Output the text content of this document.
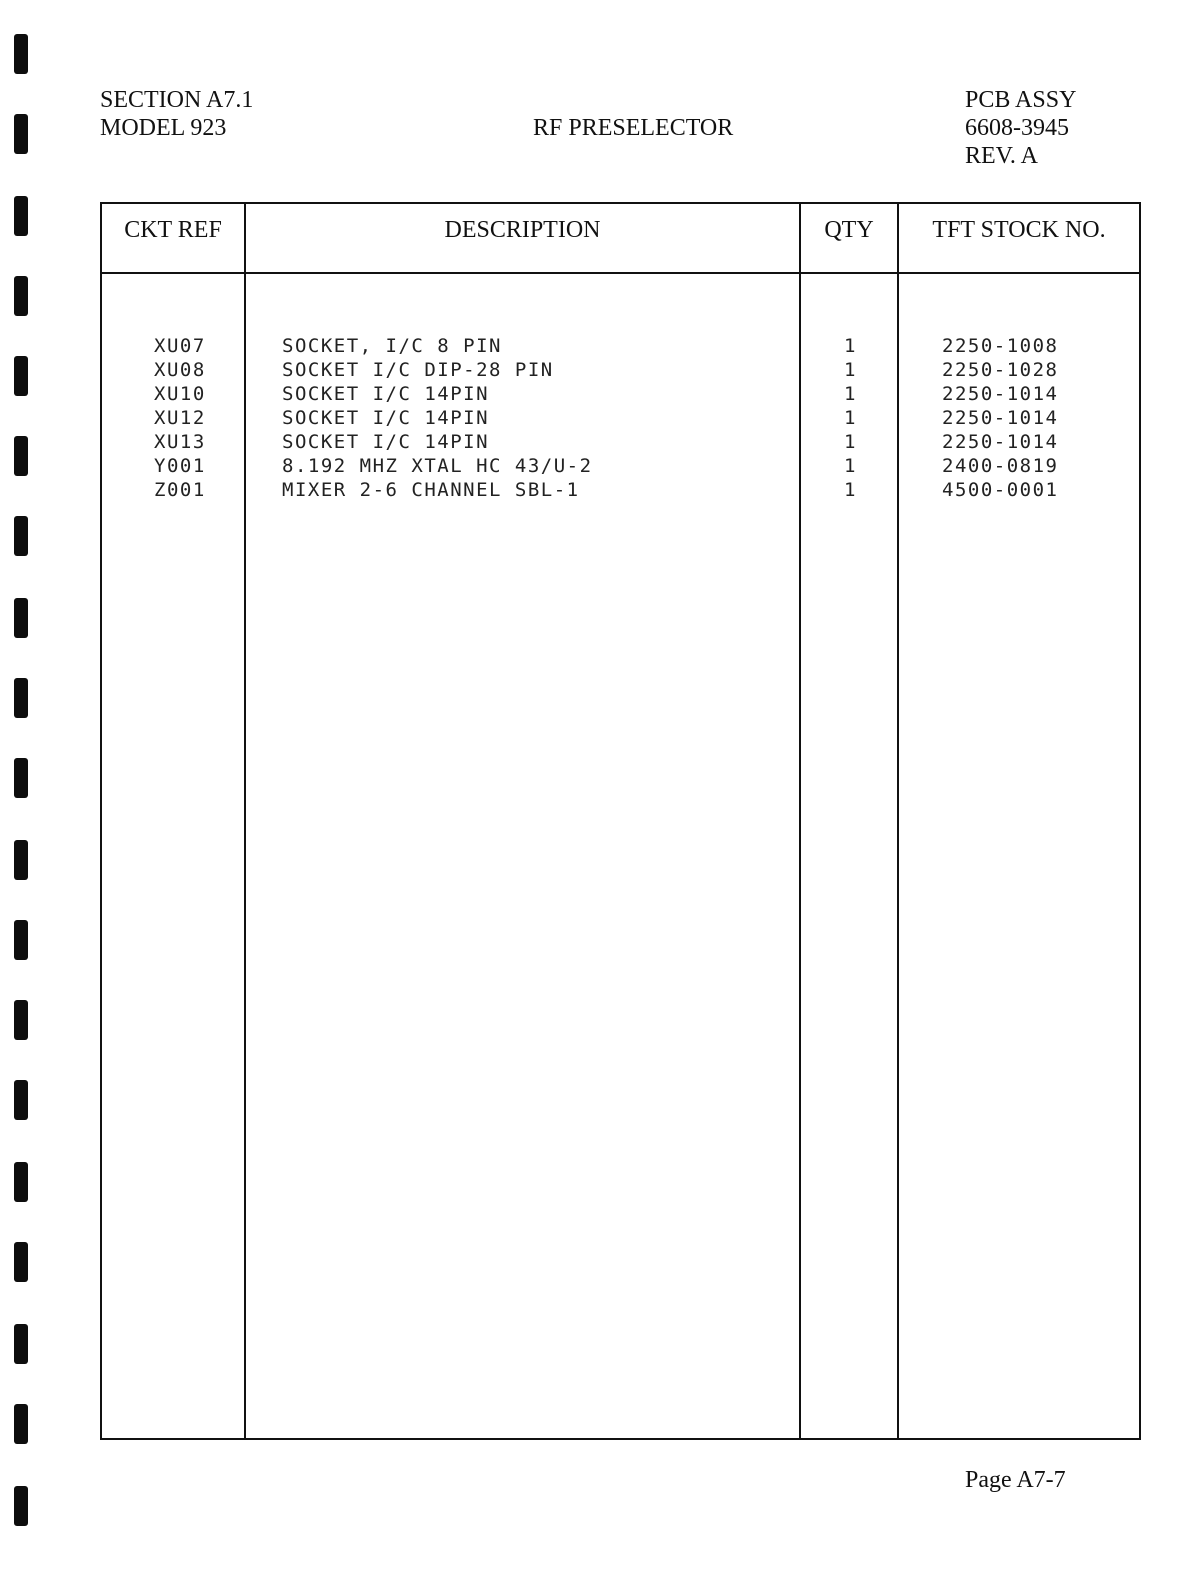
SECTION A7.1
MODEL 923	RF PRESELECTOR
PCB ASSY
6608-3945
REV. A
CKT REF	DESCRIPTION	QTY	TFT STOCK NO.
XU07	SOCKET, I/C 8 PIN	1	2250-1008
XU08	SOCKET I/C DIP-28 PIN	1	2250-1028
XU10	SOCKET I/C 14PIN	1	2250-1014
XU12	SOCKET I/C 14PIN	1	2250-1014
XU13	SOCKET I/C 14PIN	1	2250-1014
Y001	8.192 MHZ XTAL HC 43/U-2	1	2400-0819
Z001	MIXER 2-6 CHANNEL SBL-1	1	4500-0001
Page A7-7
